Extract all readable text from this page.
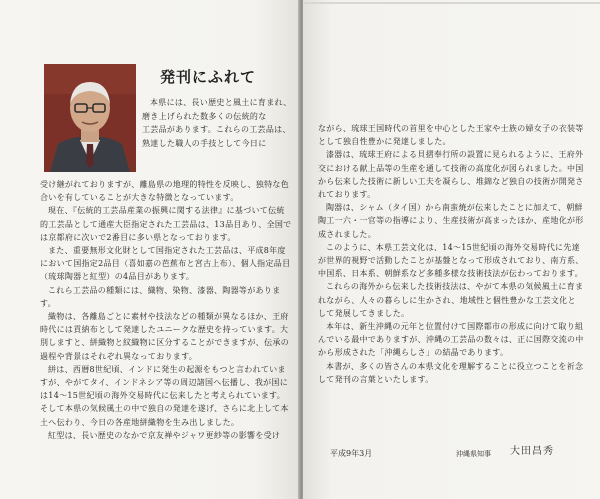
発刊にふれて

本県には、長い歴史と風土に育まれ、

磨き上げられた数多くの伝統的な

工芸品があります。これらの工芸品は、

熟達した職人の手技として今日に

受け継がれておりますが、離島県の地理的特性を反映し、独特な色合いを有していることが大きな特徴となっています。

現在、『伝統的工芸品産業の振興に関する法律』に基づいて伝統的工芸品として通産大臣指定された工芸品は、13品目あり、全国では京都府に次いで2番目に多い県となっております。

また、重要無形文化財として国指定された工芸品は、平成8年度において国指定2品目（喜如嘉の芭蕉布と宮古上布）、個人指定品目（琉球陶器と紅型）の4品目があります。

これら工芸品の種類には、織物、染物、漆器、陶器等があります。

織物は、各離島ごとに素材や技法などの種類が異なるほか、王府時代には貢納布として発達したユニークな歴史を持っています。大別しますと、絣織物と紋織物に区分することができますが、伝承の過程や背景はそれぞれ異なっております。

絣は、西暦8世紀頃、インドに発生の起源をもつと言われていますが、やがてタイ、インドネシア等の周辺諸国へ伝播し、我が国には14～15世紀頃の海外交易時代に伝来したと考えられています。そして本県の気候風土の中で独自の発達を遂げ、さらに北上して本土へ伝わり、今日の各産地絣織物を生み出しました。

紅型は、長い歴史のなかで京友禅やジャワ更紗等の影響を受け

ながら、琉球王国時代の首里を中心とした王家や士族の婦女子の衣装等として独自性豊かに発達しました。

漆器は、琉球王府による貝摺奉行所の設置に見られるように、王府外交における献上品等の生産を通して技術の高度化が図られました。中国から伝来した技術に新しい工夫を凝らし、堆錦など独自の技術が開発されております。

陶器は、シャム（タイ国）から南蛮焼が伝来したことに加えて、朝鮮陶工一六・一官等の指導により、生産技術が高まったほか、産地化が形成されました。

このように、本県工芸文化は、14～15世紀頃の海外交易時代に先達が世界的視野で活動したことが基盤となって形成されており、南方系、中国系、日本系、朝鮮系など多種多様な技術技法が伝わっております。

これらの海外から伝来した技術技法は、やがて本県の気候風土に育まれながら、人々の暮らしに生かされ、地域性と個性豊かな工芸文化として発展してきました。

本年は、新生沖縄の元年と位置付けて国際都市の形成に向けて取り組んでいる最中でありますが、沖縄の工芸品の数々は、正に国際交流の中から形成された「沖縄らしさ」の結晶であります。

本書が、多くの皆さんの本県文化を理解することに役立つことを祈念して発刊の言葉といたします。

平成9年3月	沖縄県知事 大田昌秀
